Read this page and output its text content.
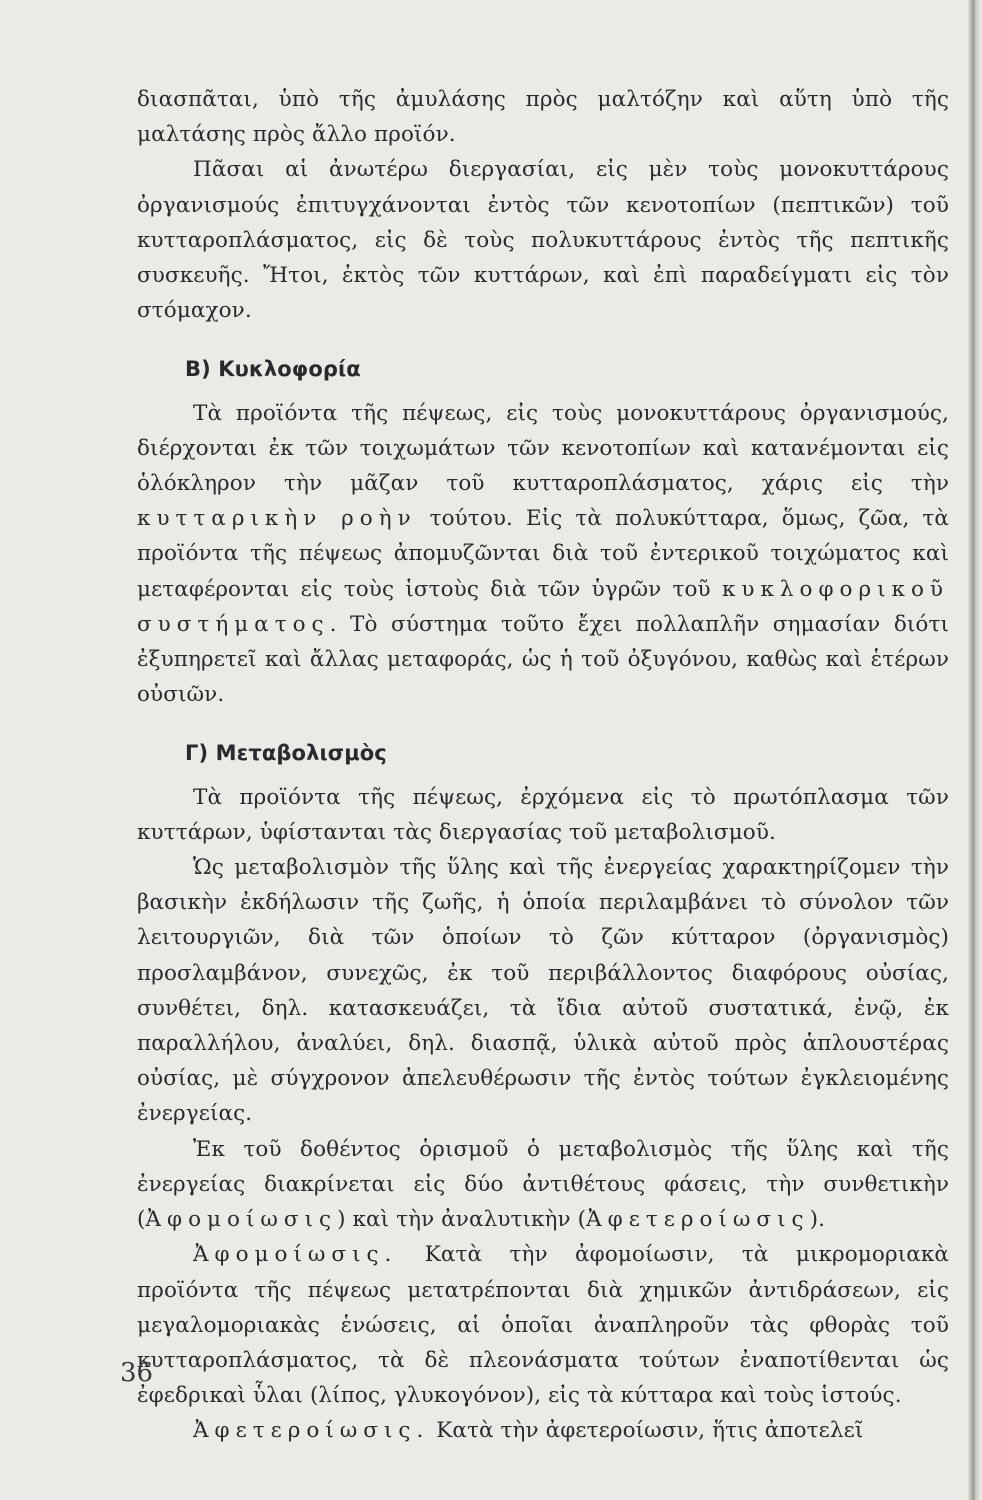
διασπᾶται, ὑπὸ τῆς ἀμυλάσης πρὸς μαλτόζην καὶ αὕτη ὑπὸ τῆς μαλτάσης πρὸς ἄλλο προϊόν.

Πᾶσαι αἱ ἀνωτέρω διεργασίαι, εἰς μὲν τοὺς μονοκυττάρους ὀργανισμούς ἐπιτυγχάνονται ἐντὸς τῶν κενοτοπίων (πεπτικῶν) τοῦ κυτταροπλάσματος, εἰς δὲ τοὺς πολυκυττάρους ἐντὸς τῆς πεπτικῆς συσκευῆς. Ἤτοι, ἐκτὸς τῶν κυττάρων, καὶ ἐπὶ παραδείγματι εἰς τὸν στόμαχον.

Β) Κυκλοφορία

Τὰ προϊόντα τῆς πέψεως, εἰς τοὺς μονοκυττάρους ὀργανισμούς, διέρχονται ἐκ τῶν τοιχωμάτων τῶν κενοτοπίων καὶ κατανέμονται εἰς ὁλόκληρον τὴν μᾶζαν τοῦ κυτταροπλάσματος, χάρις εἰς τὴν κυτταρικὴν ροὴν τούτου. Εἰς τὰ πολυκύτταρα, ὅμως, ζῶα, τὰ προϊόντα τῆς πέψεως ἀπομυζῶνται διὰ τοῦ ἐντερικοῦ τοιχώματος καὶ μεταφέρονται εἰς τοὺς ἱστοὺς διὰ τῶν ὑγρῶν τοῦ κυκλοφορικοῦ συστήματος. Τὸ σύστημα τοῦτο ἔχει πολλαπλῆν σημασίαν διότι ἐξυπηρετεῖ καὶ ἄλλας μεταφοράς, ὡς ἡ τοῦ ὀξυγόνου, καθὼς καὶ ἑτέρων οὐσιῶν.

Γ) Μεταβολισμὸς

Τὰ προϊόντα τῆς πέψεως, ἐρχόμενα εἰς τὸ πρωτόπλασμα τῶν κυττάρων, ὑφίστανται τὰς διεργασίας τοῦ μεταβολισμοῦ.

Ὡς μεταβολισμὸν τῆς ὕλης καὶ τῆς ἐνεργείας χαρακτηρίζομεν τὴν βασικὴν ἐκδήλωσιν τῆς ζωῆς, ἡ ὁποία περιλαμβάνει τὸ σύνολον τῶν λειτουργιῶν, διὰ τῶν ὁποίων τὸ ζῶν κύτταρον (ὀργανισμὸς) προσλαμβάνον, συνεχῶς, ἐκ τοῦ περιβάλλοντος διαφόρους οὐσίας, συνθέτει, δηλ. κατασκευάζει, τὰ ἴδια αὐτοῦ συστατικά, ἐνῷ, ἐκ παραλλήλου, ἀναλύει, δηλ. διασπᾷ, ὑλικὰ αὐτοῦ πρὸς ἁπλουστέρας οὐσίας, μὲ σύγχρονον ἀπελευθέρωσιν τῆς ἐντὸς τούτων ἐγκλειομένης ἐνεργείας.

Ἐκ τοῦ δοθέντος ὁρισμοῦ ὁ μεταβολισμὸς τῆς ὕλης καὶ τῆς ἐνεργείας διακρίνεται εἰς δύο ἀντιθέτους φάσεις, τὴν συνθετικὴν (Ἀφομοίωσις) καὶ τὴν ἀναλυτικὴν (Ἀφετεροίωσις).

Ἀφομοίωσις. Κατὰ τὴν ἀφομοίωσιν, τὰ μικρομοριακὰ προϊόντα τῆς πέψεως μετατρέπονται διὰ χημικῶν ἀντιδράσεων, εἰς μεγαλομοριακὰς ἑνώσεις, αἱ ὁποῖαι ἀναπληροῦν τὰς φθορὰς τοῦ κυτταροπλάσματος, τὰ δὲ πλεονάσματα τούτων ἐναποτίθενται ὡς ἐφεδρικαὶ ὗλαι (λίπος, γλυκογόνον), εἰς τὰ κύτταρα καὶ τοὺς ἱστούς.

Ἀφετεροίωσις. Κατὰ τὴν ἀφετεροίωσιν, ἥτις ἀποτελεῖ

36
